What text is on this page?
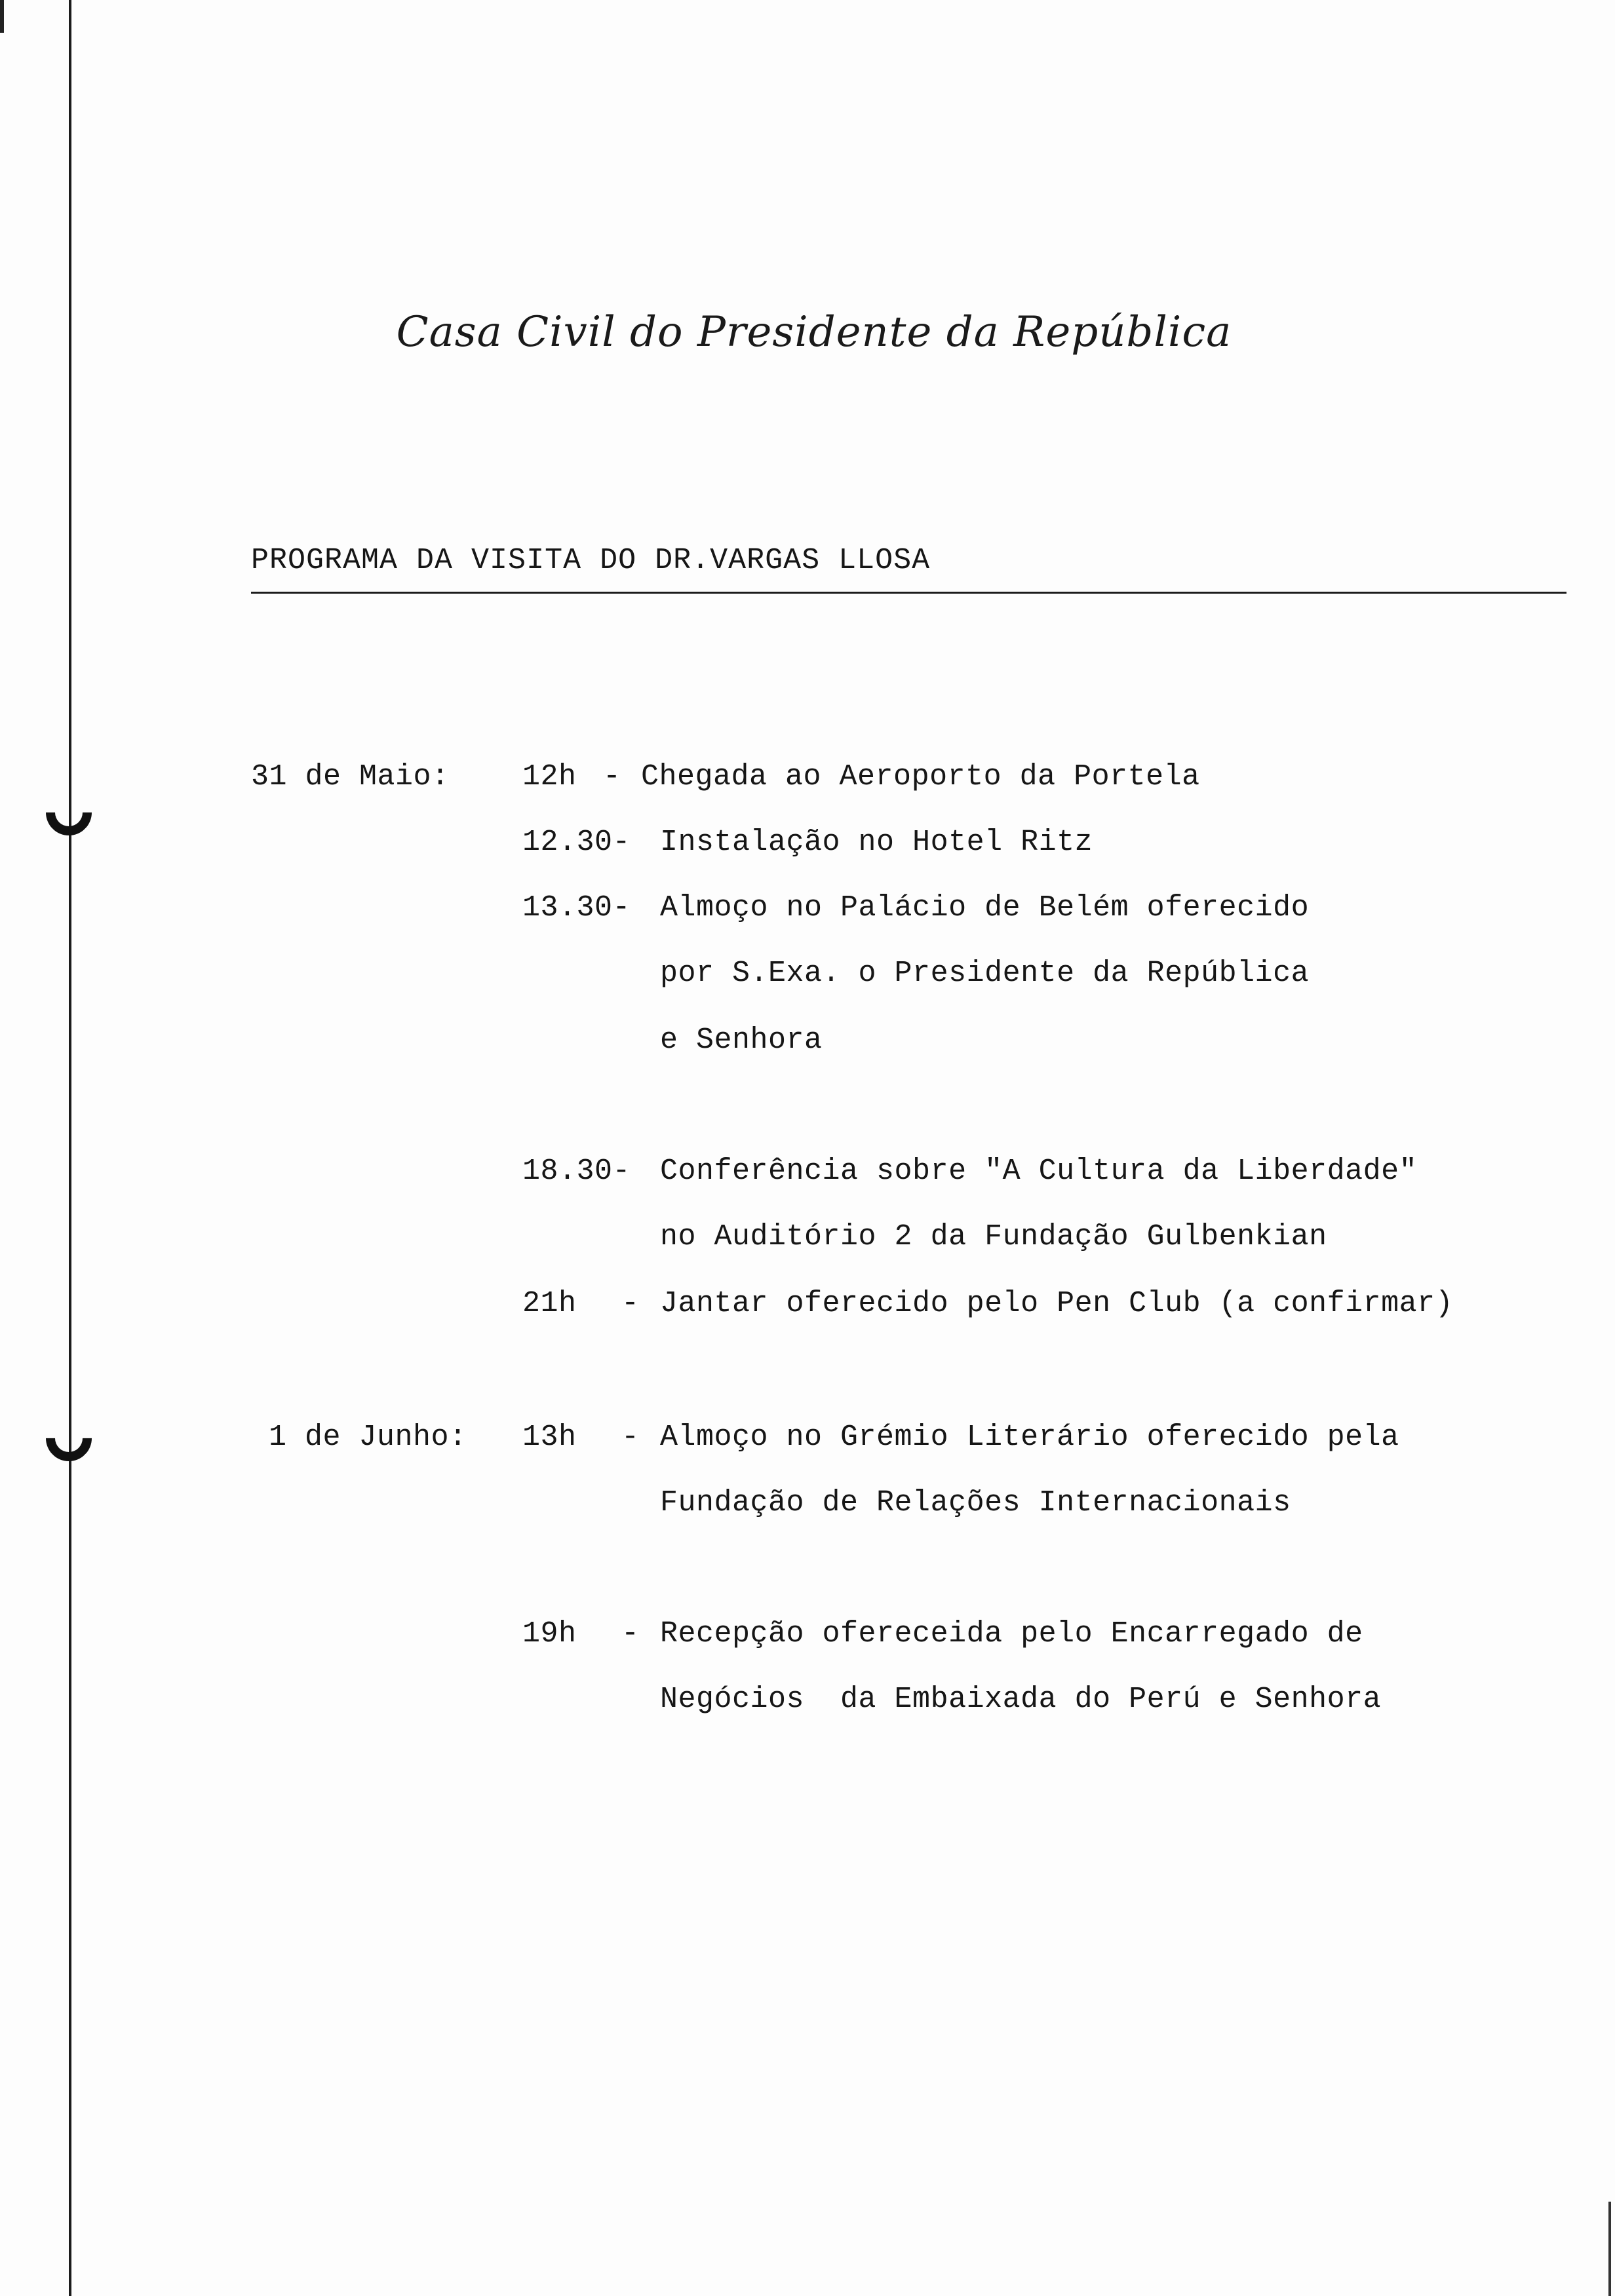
Casa Civil do Presidente da República
PROGRAMA DA VISITA DO DR.VARGAS LLOSA
31 de Maio: 12h - Chegada ao Aeroporto da Portela
12.30- Instalação no Hotel Ritz
13.30- Almoço no Palácio de Belém oferecido
por S.Exa. o Presidente da República
e Senhora
18.30- Conferência sobre "A Cultura da Liberdade"
no Auditório 2 da Fundação Gulbenkian
21h - Jantar oferecido pelo Pen Club (a confirmar)
1 de Junho: 13h - Almoço no Grémio Literário oferecido pela
Fundação de Relações Internacionais
19h - Recepção ofereceida pelo Encarregado de
Negócios  da Embaixada do Perú e Senhora
